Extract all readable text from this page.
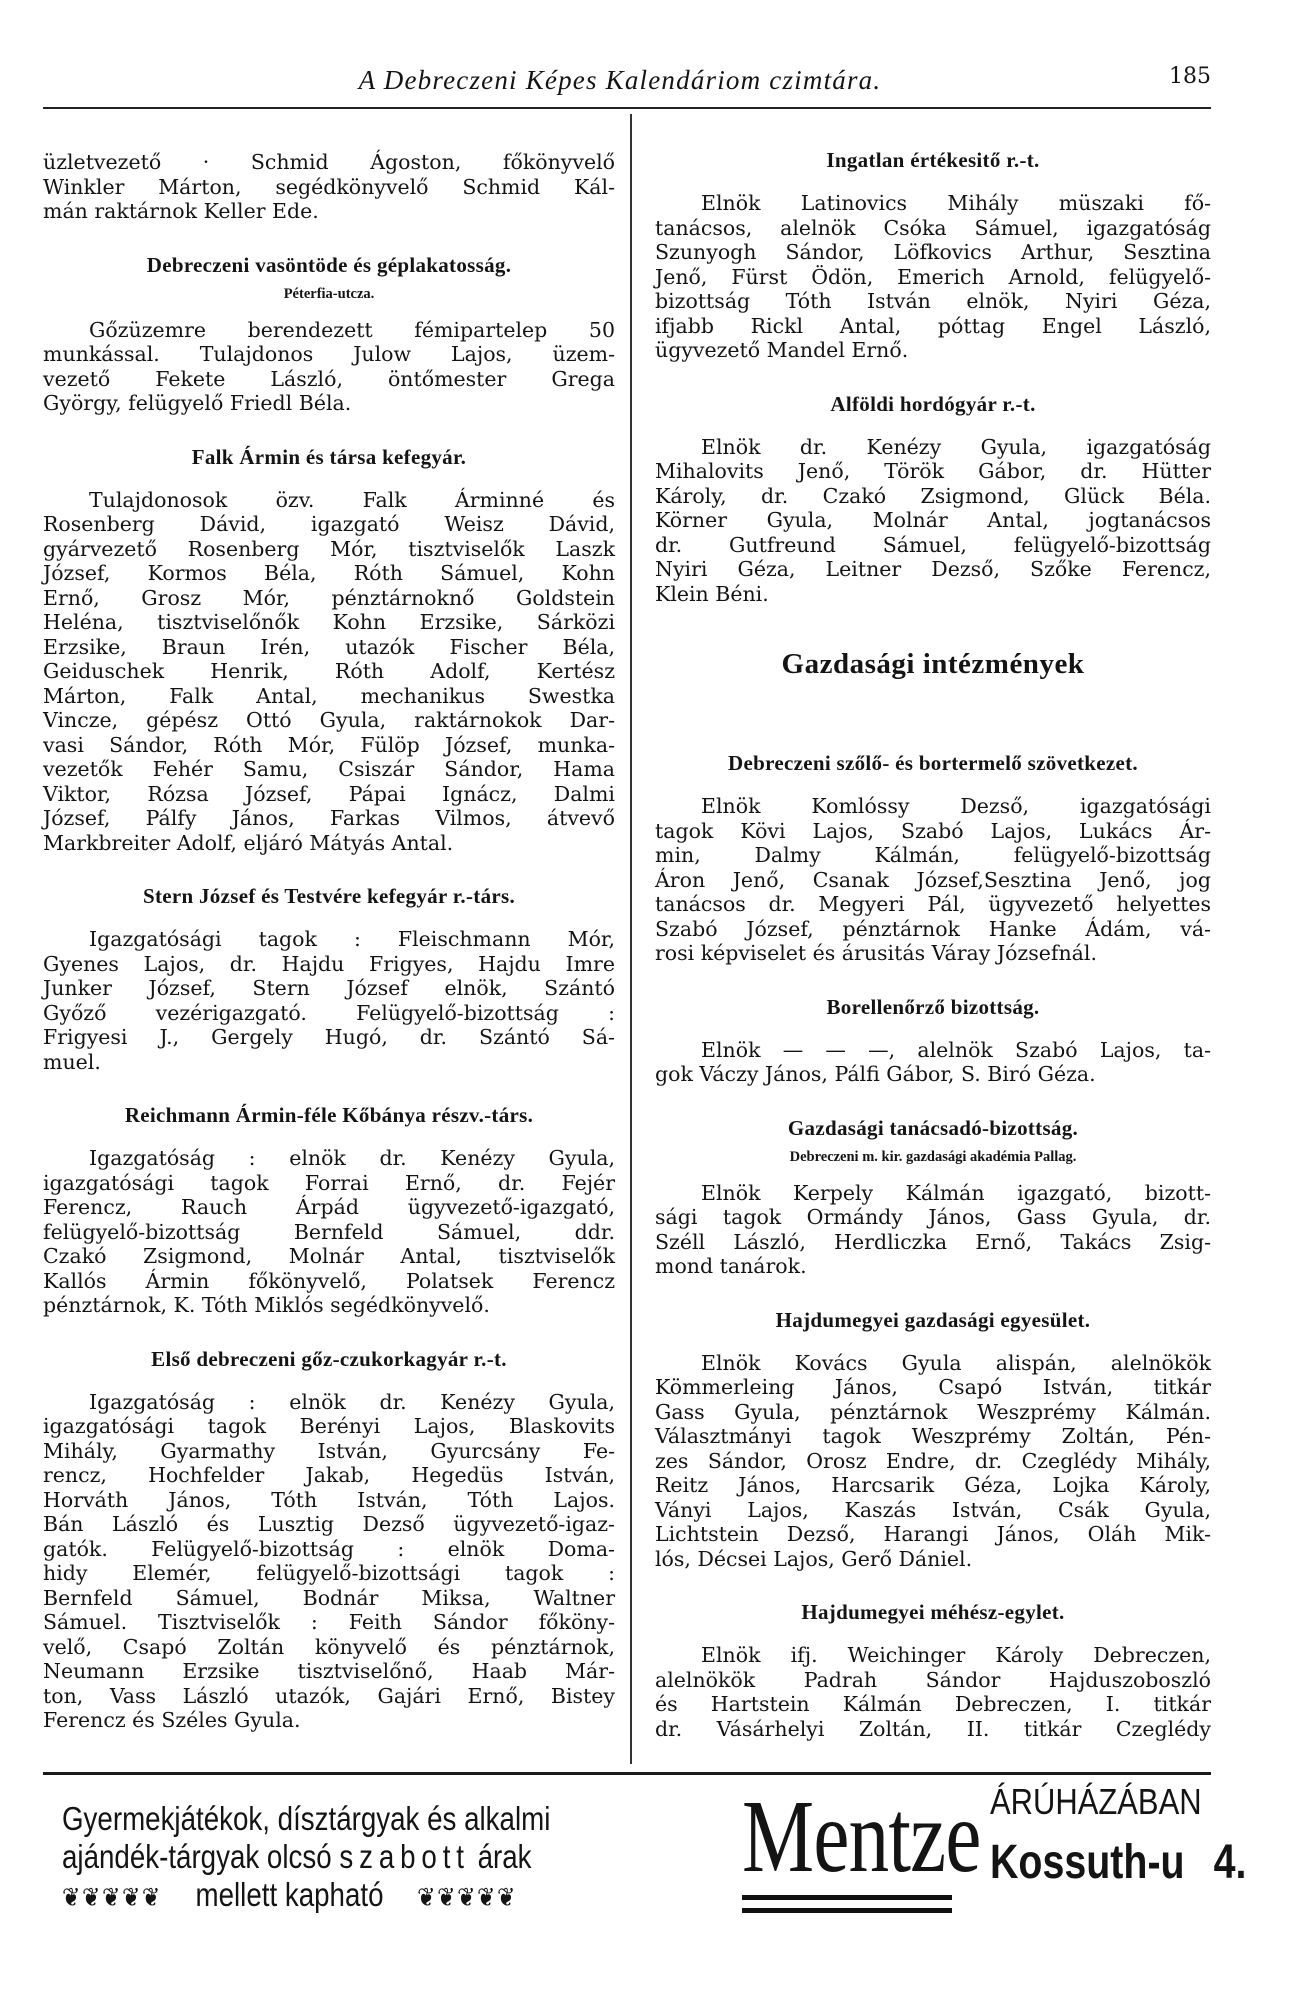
A Debreczeni Képes Kalendáriom czimtára.	185
üzletvezető · Schmid Ágoston, főkönyvelő
Winkler Márton, segédkönyvelő Schmid Kál-
mán raktárnok Keller Ede.
Debreczeni vasöntöde és géplakatosság.
Péterfia-utcza.
Gőzüzemre berendezett fémipartelep 50
munkással. Tulajdonos Julow Lajos, üzem-
vezető Fekete László, öntőmester Grega
György, felügyelő Friedl Béla.
Falk Ármin és társa kefegyár.
Tulajdonosok özv. Falk Árminné és
Rosenberg Dávid, igazgató Weisz Dávid,
gyárvezető Rosenberg Mór, tisztviselők Laszk
József, Kormos Béla, Róth Sámuel, Kohn
Ernő, Grosz Mór, pénztárnoknő Goldstein
Heléna, tisztviselőnők Kohn Erzsike, Sárközi
Erzsike, Braun Irén, utazók Fischer Béla,
Geiduschek Henrik, Róth Adolf, Kertész
Márton, Falk Antal, mechanikus Swestka
Vincze, gépész Ottó Gyula, raktárnokok Dar-
vasi Sándor, Róth Mór, Fülöp József, munka-
vezetők Fehér Samu, Csiszár Sándor, Hama
Viktor, Rózsa József, Pápai Ignácz, Dalmi
József, Pálfy János, Farkas Vilmos, átvevő
Markbreiter Adolf, eljáró Mátyás Antal.
Stern József és Testvére kefegyár r.-társ.
Igazgatósági tagok : Fleischmann Mór,
Gyenes Lajos, dr. Hajdu Frigyes, Hajdu Imre
Junker József, Stern József elnök, Szántó
Győző vezérigazgató. Felügyelő-bizottság :
Frigyesi J., Gergely Hugó, dr. Szántó Sá-
muel.
Reichmann Ármin-féle Kőbánya részv.-társ.
Igazgatóság : elnök dr. Kenézy Gyula,
igazgatósági tagok Forrai Ernő, dr. Fejér
Ferencz, Rauch Árpád ügyvezető-igazgató,
felügyelő-bizottság Bernfeld Sámuel, ddr.
Czakó Zsigmond, Molnár Antal, tisztviselők
Kallós Ármin főkönyvelő, Polatsek Ferencz
pénztárnok, K. Tóth Miklós segédkönyvelő.
Első debreczeni gőz-czukorkagyár r.-t.
Igazgatóság : elnök dr. Kenézy Gyula,
igazgatósági tagok Berényi Lajos, Blaskovits
Mihály, Gyarmathy István, Gyurcsány Fe-
rencz, Hochfelder Jakab, Hegedüs István,
Horváth János, Tóth István, Tóth Lajos.
Bán László és Lusztig Dezső ügyvezető-igaz-
gatók. Felügyelő-bizottság : elnök Doma-
hidy Elemér, felügyelő-bizottsági tagok :
Bernfeld Sámuel, Bodnár Miksa, Waltner
Sámuel. Tisztviselők : Feith Sándor főköny-
velő, Csapó Zoltán könyvelő és pénztárnok,
Neumann Erzsike tisztviselőnő, Haab Már-
ton, Vass László utazók, Gajári Ernő, Bistey
Ferencz és Széles Gyula.
Ingatlan értékesitő r.-t.
Elnök Latinovics Mihály müszaki fő-
tanácsos, alelnök Csóka Sámuel, igazgatóság
Szunyogh Sándor, Löfkovics Arthur, Sesztina
Jenő, Fürst Ödön, Emerich Arnold, felügyelő-
bizottság Tóth István elnök, Nyiri Géza,
ifjabb Rickl Antal, póttag Engel László,
ügyvezető Mandel Ernő.
Alföldi hordógyár r.-t.
Elnök dr. Kenézy Gyula, igazgatóság
Mihalovits Jenő, Török Gábor, dr. Hütter
Károly, dr. Czakó Zsigmond, Glück Béla.
Körner Gyula, Molnár Antal, jogtanácsos
dr. Gutfreund Sámuel, felügyelő-bizottság
Nyiri Géza, Leitner Dezső, Szőke Ferencz,
Klein Béni.
Gazdasági intézmények
Debreczeni szőlő- és bortermelő szövetkezet.
Elnök Komlóssy Dezső, igazgatósági
tagok Kövi Lajos, Szabó Lajos, Lukács Ár-
min, Dalmy Kálmán, felügyelő-bizottság
Áron Jenő, Csanak József,Sesztina Jenő, jog
tanácsos dr. Megyeri Pál, ügyvezető helyettes
Szabó József, pénztárnok Hanke Ádám, vá-
rosi képviselet és árusitás Váray Józsefnál.
Borellenőrző bizottság.
Elnök — — —, alelnök Szabó Lajos, ta-
gok Váczy János, Pálfi Gábor, S. Biró Géza.
Gazdasági tanácsadó-bizottság.
Debreczeni m. kir. gazdasági akadémia Pallag.
Elnök Kerpely Kálmán igazgató, bizott-
sági tagok Ormándy János, Gass Gyula, dr.
Széll László, Herdliczka Ernő, Takács Zsig-
mond tanárok.
Hajdumegyei gazdasági egyesület.
Elnök Kovács Gyula alispán, alelnökök
Kömmerleing János, Csapó István, titkár
Gass Gyula, pénztárnok Weszprémy Kálmán.
Választmányi tagok Weszprémy Zoltán, Pén-
zes Sándor, Orosz Endre, dr. Czeglédy Mihály,
Reitz János, Harcsarik Géza, Lojka Károly,
Ványi Lajos, Kaszás István, Csák Gyula,
Lichtstein Dezső, Harangi János, Oláh Mik-
lós, Décsei Lajos, Gerő Dániel.
Hajdumegyei méhész-egylet.
Elnök ifj. Weichinger Károly Debreczen,
alelnökök Padrah Sándor Hajduszoboszló
és Hartstein Kálmán Debreczen, I. titkár
dr. Vásárhelyi Zoltán, II. titkár Czeglédy
Gyermekjátékok, dísztárgyak és alkalmi
ajándék-tárgyak olcsó szabott árak
❦❦❦❦❦ mellett kapható❦❦❦❦❦
Mentze ÁRÚHÁZÁBAN
Kossuth-u 4.
